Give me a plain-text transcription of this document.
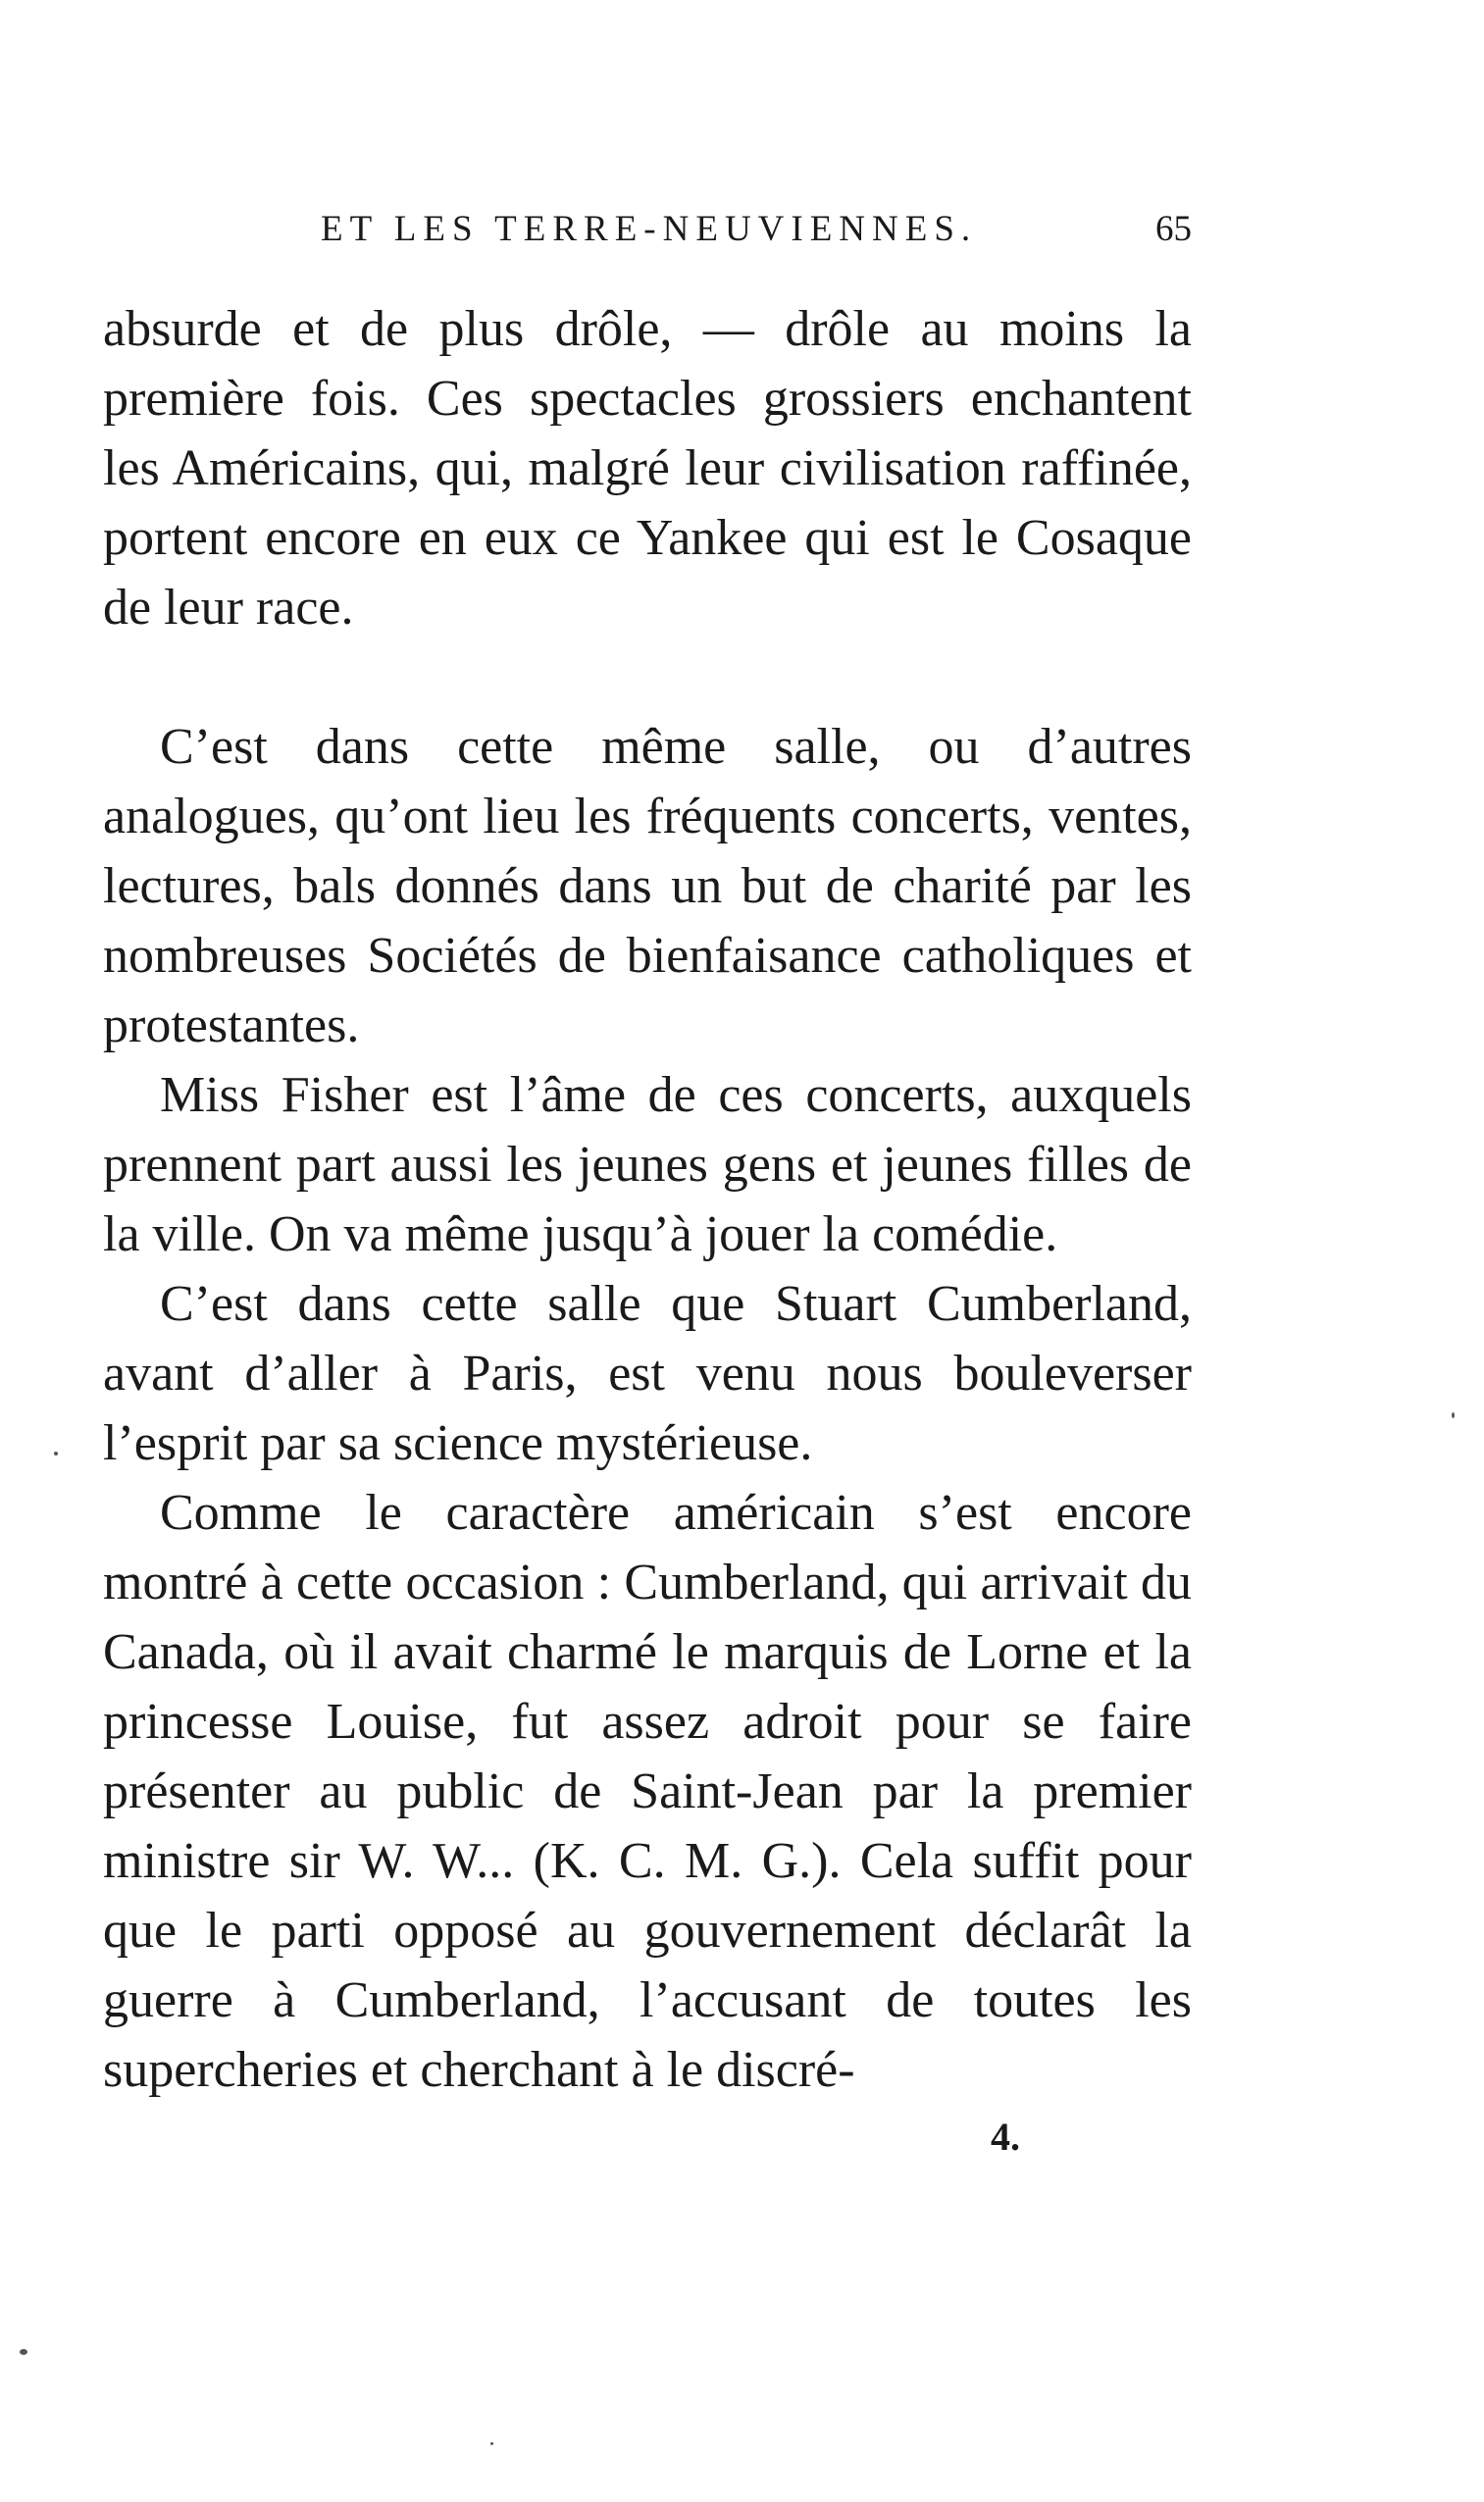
ET LES TERRE-NEUVIENNES.	65

absurde et de plus drôle, — drôle au moins la première fois. Ces spectacles grossiers enchantent les Américains, qui, malgré leur civilisation raffinée, portent encore en eux ce Yankee qui est le Cosaque de leur race.

C’est dans cette même salle, ou d’autres analogues, qu’ont lieu les fréquents concerts, ventes, lectures, bals donnés dans un but de charité par les nombreuses Sociétés de bienfaisance catholiques et protestantes.

Miss Fisher est l’âme de ces concerts, auxquels prennent part aussi les jeunes gens et jeunes filles de la ville. On va même jusqu’à jouer la comédie.

C’est dans cette salle que Stuart Cumberland, avant d’aller à Paris, est venu nous bouleverser l’esprit par sa science mystérieuse.

Comme le caractère américain s’est encore montré à cette occasion : Cumberland, qui arrivait du Canada, où il avait charmé le marquis de Lorne et la princesse Louise, fut assez adroit pour se faire présenter au public de Saint-Jean par la premier ministre sir W. W... (K. C. M. G.). Cela suffit pour que le parti opposé au gouvernement déclarât la guerre à Cumberland, l’accusant de toutes les supercheries et cherchant à le discré-

4.
